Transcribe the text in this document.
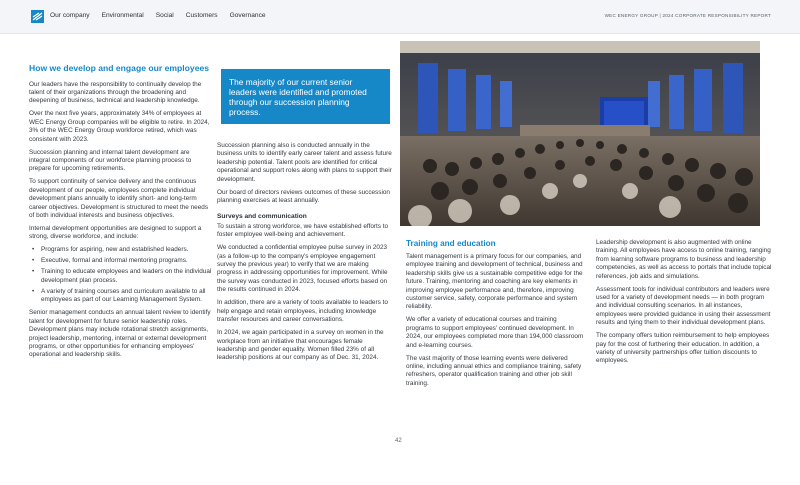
Our company Environmental Social Customers Governance	WEC ENERGY GROUP | 2024 CORPORATE RESPONSIBILITY REPORT
How we develop and engage our employees

Our leaders have the responsibility to continually develop the talent of their organizations through the broadening and deepening of business, technical and leadership knowledge.

Over the next five years, approximately 34% of employees at WEC Energy Group companies will be eligible to retire. In 2024, 3% of the WEC Energy Group workforce retired, which was consistent with 2023.

Succession planning and internal talent development are integral components of our workforce planning process to prepare for upcoming retirements.

To support continuity of service delivery and the continuous development of our people, employees complete individual development plans annually to identify short- and long-term career objectives. Development is structured to meet the needs of both individual interests and business objectives.

Internal development opportunities are designed to support a strong, diverse workforce, and include:

• Programs for aspiring, new and established leaders.
• Executive, formal and informal mentoring programs.
• Training to educate employees and leaders on the individual development plan process.
• A variety of training courses and curriculum available to all employees as part of our Learning Management System.

Senior management conducts an annual talent review to identify talent for development for future senior leadership roles. Development plans may include rotational stretch assignments, project leadership, mentoring, internal or external development programs, or other opportunities for enhancing employees' operational and leadership skills.

The majority of our current senior leaders were identified and promoted through our succession planning process.

Succession planning also is conducted annually in the business units to identify early career talent and assess future leadership potential. Talent pools are identified for critical operational and support roles along with plans to support their development.

Our board of directors reviews outcomes of these succession planning exercises at least annually.

Surveys and communication

To sustain a strong workforce, we have established efforts to foster employee well-being and achievement.

We conducted a confidential employee pulse survey in 2023 (as a follow-up to the company's employee engagement survey the previous year) to verify that we are making progress in addressing opportunities for improvement. While the survey was conducted in 2023, focused efforts based on the results continued in 2024.

In addition, there are a variety of tools available to leaders to help engage and retain employees, including knowledge transfer resources and career conversations.

In 2024, we again participated in a survey on women in the workplace from an initiative that encourages female leadership and gender equality. Women filled 23% of all leadership positions at our company as of Dec. 31, 2024.

Training and education

Talent management is a primary focus for our companies, and employee training and development of technical, business and leadership skills give us a sustainable competitive edge for the future. Training, mentoring and coaching are key elements in improving employee performance and, therefore, improving customer service, safety, corporate performance and system reliability.

We offer a variety of educational courses and training programs to support employees' continued development. In 2024, our employees completed more than 194,000 classroom and e-learning courses.

The vast majority of those learning events were delivered online, including annual ethics and compliance training, safety refreshers, operator qualification training and other job skill training.

Leadership development is also augmented with online training. All employees have access to online training, ranging from learning software programs to business and leadership competencies, as well as access to portals that include topical references, job aids and simulations.

Assessment tools for individual contributors and leaders were used for a variety of development needs — in both program and individual consulting scenarios. In all instances, employees were provided guidance in using their assessment results and tying them to their individual development plans.

The company offers tuition reimbursement to help employees pay for the cost of furthering their education. In addition, a variety of university partnerships offer tuition discounts to employees.

42
